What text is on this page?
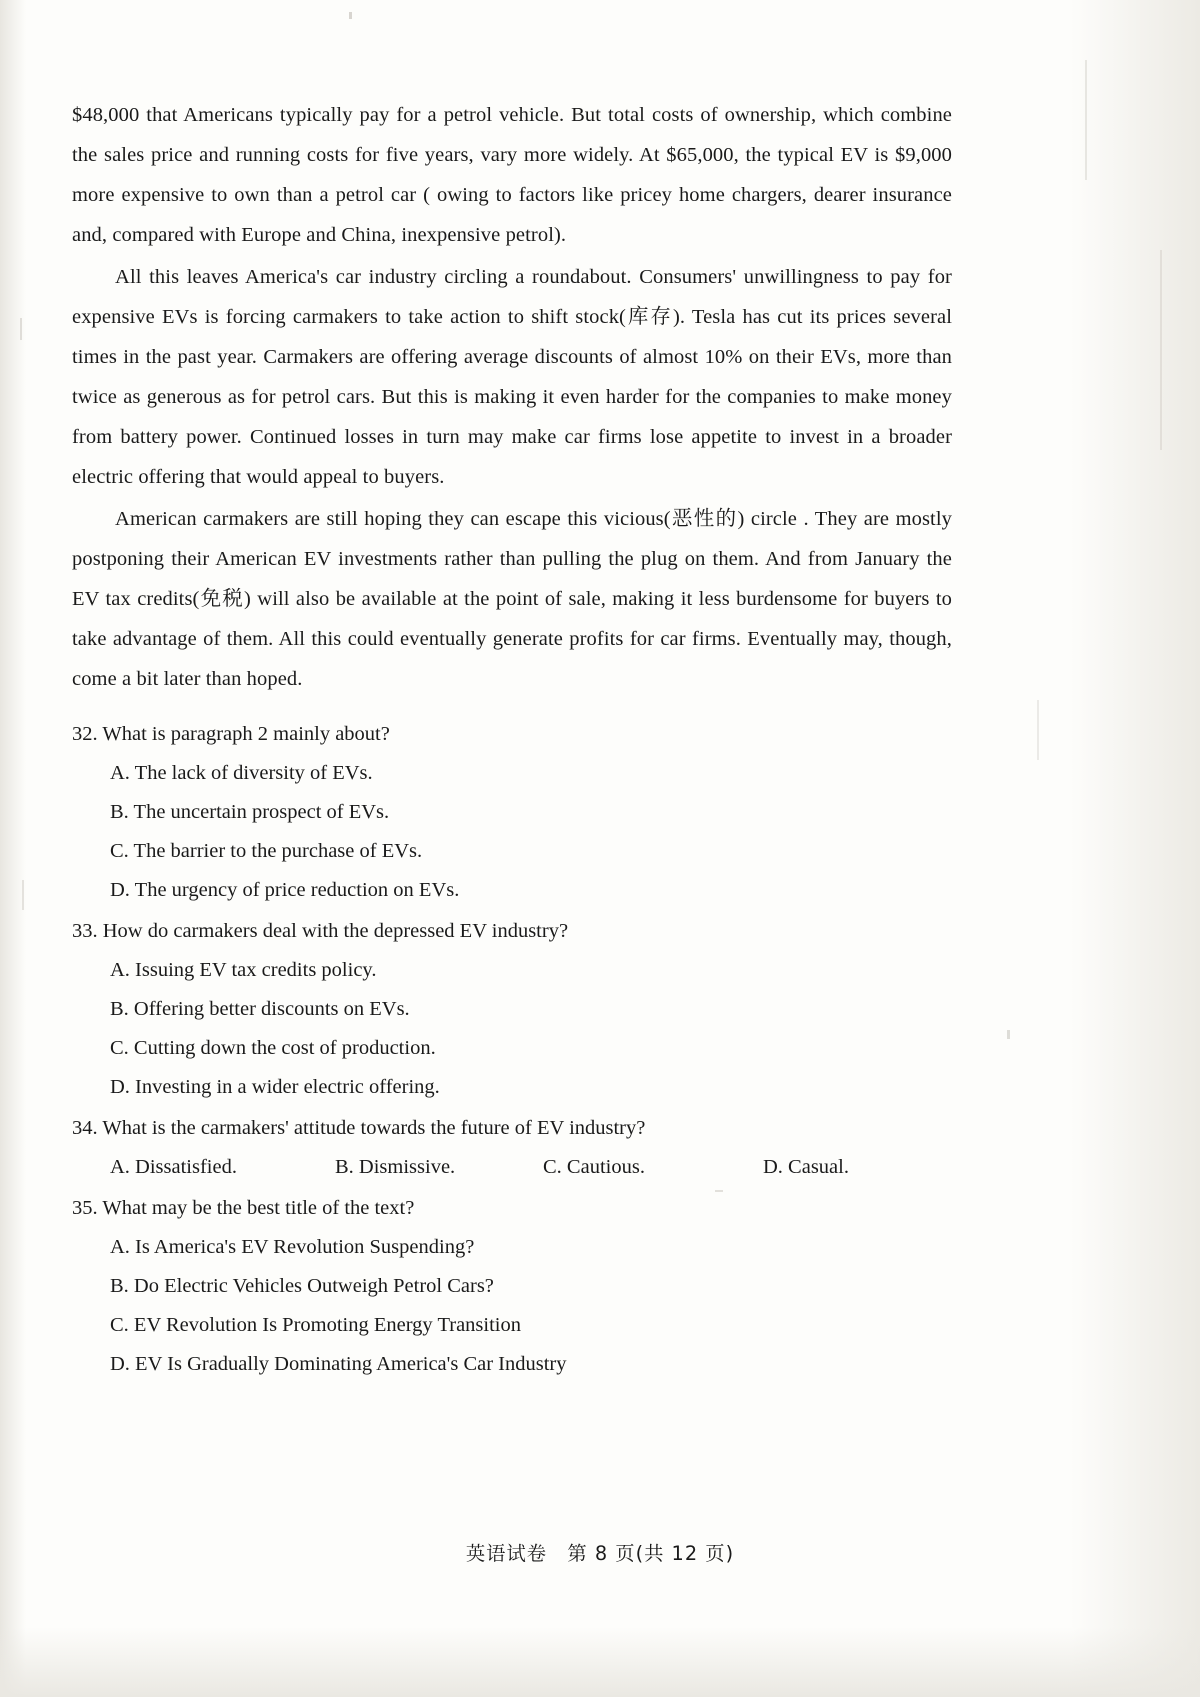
$48,000 that Americans typically pay for a petrol vehicle. But total costs of ownership, which combine the sales price and running costs for five years, vary more widely. At $65,000, the typical EV is $9,000 more expensive to own than a petrol car ( owing to factors like pricey home chargers, dearer insurance and, compared with Europe and China, inexpensive petrol).

All this leaves America's car industry circling a roundabout. Consumers' unwillingness to pay for expensive EVs is forcing carmakers to take action to shift stock(库存). Tesla has cut its prices several times in the past year. Carmakers are offering average discounts of almost 10% on their EVs, more than twice as generous as for petrol cars. But this is making it even harder for the companies to make money from battery power. Continued losses in turn may make car firms lose appetite to invest in a broader electric offering that would appeal to buyers.

American carmakers are still hoping they can escape this vicious(恶性的) circle . They are mostly postponing their American EV investments rather than pulling the plug on them. And from January the EV tax credits(免税) will also be available at the point of sale, making it less burdensome for buyers to take advantage of them. All this could eventually generate profits for car firms. Eventually may, though, come a bit later than hoped.

32. What is paragraph 2 mainly about?

A. The lack of diversity of EVs.
B. The uncertain prospect of EVs.
C. The barrier to the purchase of EVs.
D. The urgency of price reduction on EVs.

33. How do carmakers deal with the depressed EV industry?

A. Issuing EV tax credits policy.
B. Offering better discounts on EVs.
C. Cutting down the cost of production.
D. Investing in a wider electric offering.

34. What is the carmakers' attitude towards the future of EV industry?

A. Dissatisfied.	B. Dismissive.	C. Cautious.	D. Casual.

35. What may be the best title of the text?

A. Is America's EV Revolution Suspending?
B. Do Electric Vehicles Outweigh Petrol Cars?
C. EV Revolution Is Promoting Energy Transition
D. EV Is Gradually Dominating America's Car Industry
英语试卷 第 8 页(共 12 页)
